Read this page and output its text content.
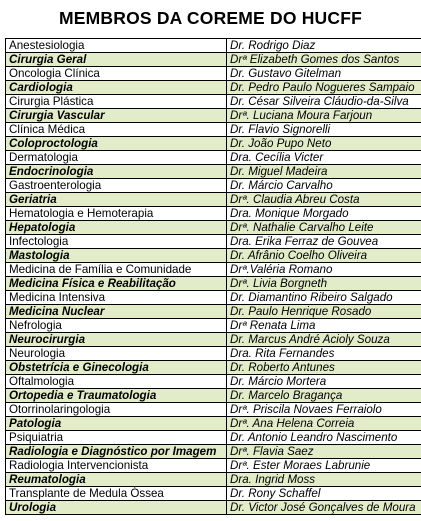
MEMBROS DA COREME DO HUCFF
Anestesiologia	Dr. Rodrigo Diaz
Cirurgia Geral	Drª Elizabeth Gomes dos Santos
Oncologia Clínica	Dr. Gustavo Gitelman
Cardiologia	Dr. Pedro Paulo Nogueres Sampaio
Cirurgia Plástica	Dr. César Silveira Cláudio-da-Silva
Cirurgia Vascular	Drª. Luciana Moura Farjoun
Clínica Médica	Dr. Flavio Signorelli
Coloproctologia	Dr. João Pupo Neto
Dermatologia	Dra. Cecília Victer
Endocrinologia	Dr. Miguel Madeira
Gastroenterologia	Dr. Márcio Carvalho
Geriatria	Drª. Claudia Abreu Costa
Hematologia e Hemoterapia	Dra. Monique Morgado
Hepatologia	Drª. Nathalie Carvalho Leite
Infectologia	Dra. Erika Ferraz de Gouvea
Mastologia	Dr. Afrânio Coelho Oliveira
Medicina de Família e Comunidade	Drª.Valéria Romano
Medicina Física e Reabilitação	Drª. Livia Borgneth
Medicina Intensiva	Dr. Diamantino Ribeiro Salgado
Medicina Nuclear	Dr. Paulo Henrique Rosado
Nefrologia	Drª Renata Lima
Neurocirurgia	Dr. Marcus André Acioly Souza
Neurologia	Dra. Rita Fernandes
Obstetrícia e Ginecologia	Dr. Roberto Antunes
Oftalmologia	Dr. Márcio Mortera
Ortopedia e Traumatologia	Dr. Marcelo Bragança
Otorrinolaringologia	Drª. Priscila Novaes Ferraiolo
Patologia	Drª. Ana Helena Correia
Psiquiatria	Dr. Antonio Leandro Nascimento
Radiologia e Diagnóstico por Imagem	Drª. Flavia Saez
Radiologia Intervencionista	Drª. Ester Moraes Labrunie
Reumatologia	Dra. Ingrid Moss
Transplante de Medula Óssea	Dr. Rony Schaffel
Urologia	Dr. Victor José Gonçalves de Moura
